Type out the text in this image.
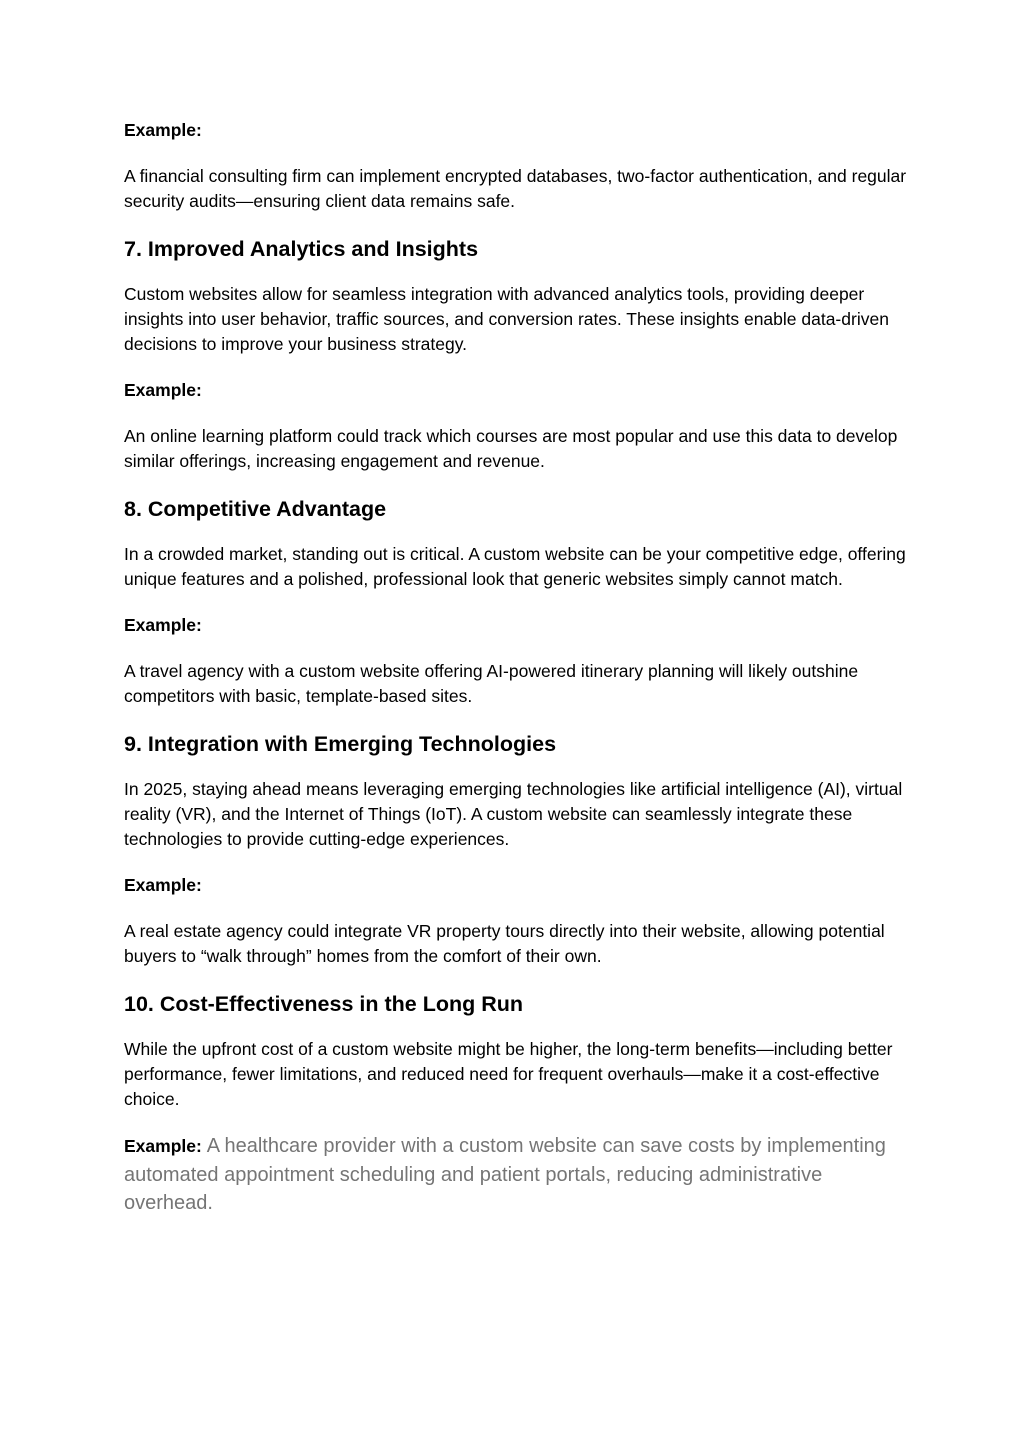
Example:

A financial consulting firm can implement encrypted databases, two-factor authentication, and regular security audits—ensuring client data remains safe.

7. Improved Analytics and Insights

Custom websites allow for seamless integration with advanced analytics tools, providing deeper insights into user behavior, traffic sources, and conversion rates. These insights enable data-driven decisions to improve your business strategy.

Example:

An online learning platform could track which courses are most popular and use this data to develop similar offerings, increasing engagement and revenue.

8. Competitive Advantage

In a crowded market, standing out is critical. A custom website can be your competitive edge, offering unique features and a polished, professional look that generic websites simply cannot match.

Example:

A travel agency with a custom website offering AI-powered itinerary planning will likely outshine competitors with basic, template-based sites.

9. Integration with Emerging Technologies

In 2025, staying ahead means leveraging emerging technologies like artificial intelligence (AI), virtual reality (VR), and the Internet of Things (IoT). A custom website can seamlessly integrate these technologies to provide cutting-edge experiences.

Example:

A real estate agency could integrate VR property tours directly into their website, allowing potential buyers to “walk through” homes from the comfort of their own.

10. Cost-Effectiveness in the Long Run

While the upfront cost of a custom website might be higher, the long-term benefits—including better performance, fewer limitations, and reduced need for frequent overhauls—make it a cost-effective choice.

Example: A healthcare provider with a custom website can save costs by implementing automated appointment scheduling and patient portals, reducing administrative overhead.
